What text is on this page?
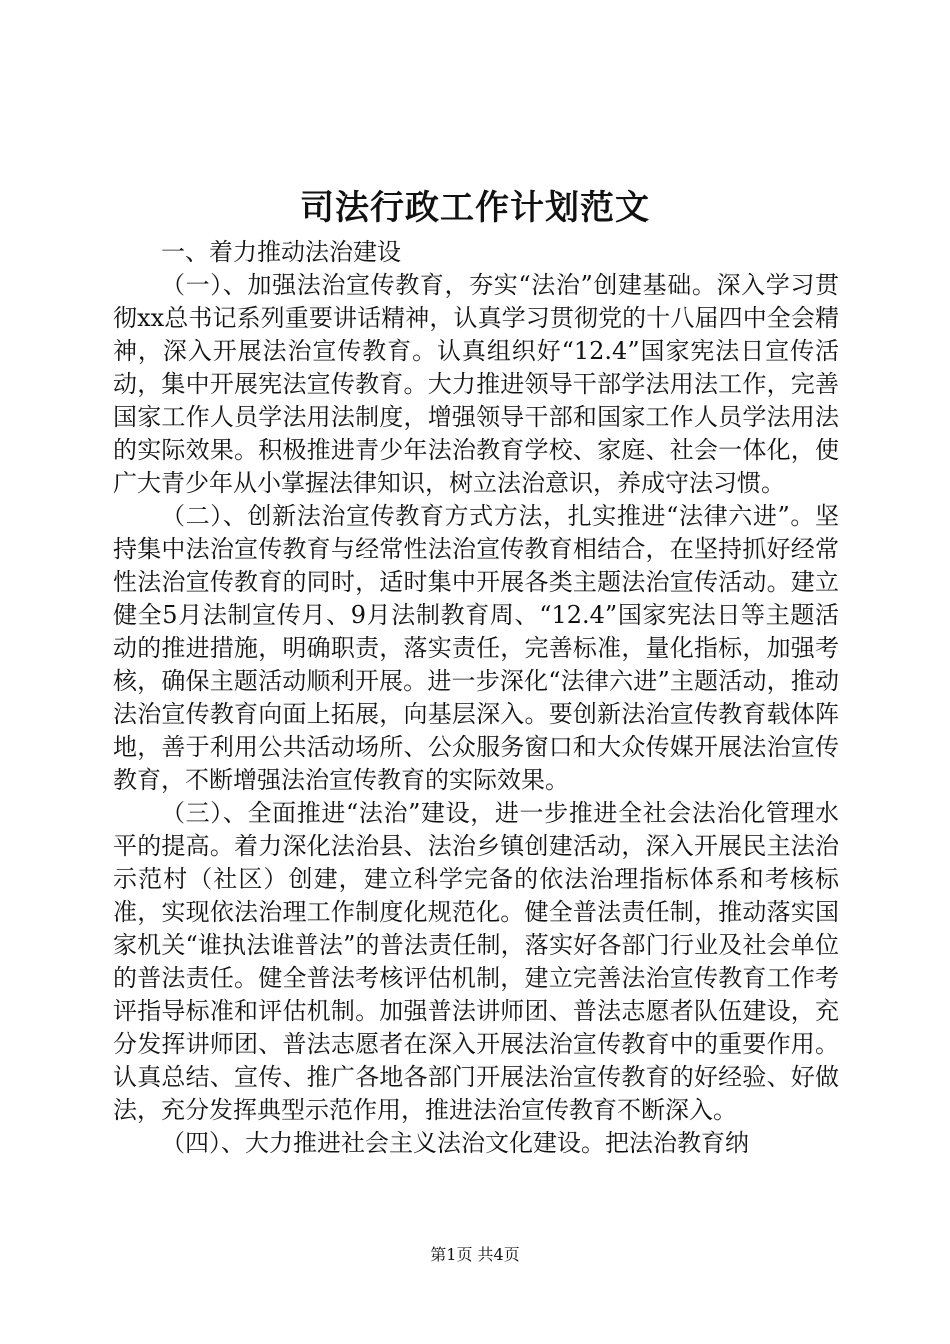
司法行政工作计划范文

一、着力推动法治建设

（一）、加强法治宣传教育，夯实“法治”创建基础。深入学习贯彻xx总书记系列重要讲话精神，认真学习贯彻党的十八届四中全会精神，深入开展法治宣传教育。认真组织好“12.4”国家宪法日宣传活动，集中开展宪法宣传教育。大力推进领导干部学法用法工作，完善国家工作人员学法用法制度，增强领导干部和国家工作人员学法用法的实际效果。积极推进青少年法治教育学校、家庭、社会一体化，使广大青少年从小掌握法律知识，树立法治意识，养成守法习惯。

（二）、创新法治宣传教育方式方法，扎实推进“法律六进”。坚持集中法治宣传教育与经常性法治宣传教育相结合，在坚持抓好经常性法治宣传教育的同时，适时集中开展各类主题法治宣传活动。建立健全5月法制宣传月、9月法制教育周、“12.4”国家宪法日等主题活动的推进措施，明确职责，落实责任，完善标准，量化指标，加强考核，确保主题活动顺利开展。进一步深化“法律六进”主题活动，推动法治宣传教育向面上拓展，向基层深入。要创新法治宣传教育载体阵地，善于利用公共活动场所、公众服务窗口和大众传媒开展法治宣传教育，不断增强法治宣传教育的实际效果。

（三）、全面推进“法治”建设，进一步推进全社会法治化管理水平的提高。着力深化法治县、法治乡镇创建活动，深入开展民主法治示范村（社区）创建，建立科学完备的依法治理指标体系和考核标准，实现依法治理工作制度化规范化。健全普法责任制，推动落实国家机关“谁执法谁普法”的普法责任制，落实好各部门行业及社会单位的普法责任。健全普法考核评估机制，建立完善法治宣传教育工作考评指导标准和评估机制。加强普法讲师团、普法志愿者队伍建设，充分发挥讲师团、普法志愿者在深入开展法治宣传教育中的重要作用。认真总结、宣传、推广各地各部门开展法治宣传教育的好经验、好做法，充分发挥典型示范作用，推进法治宣传教育不断深入。

（四）、大力推进社会主义法治文化建设。把法治教育纳

第1页 共4页
